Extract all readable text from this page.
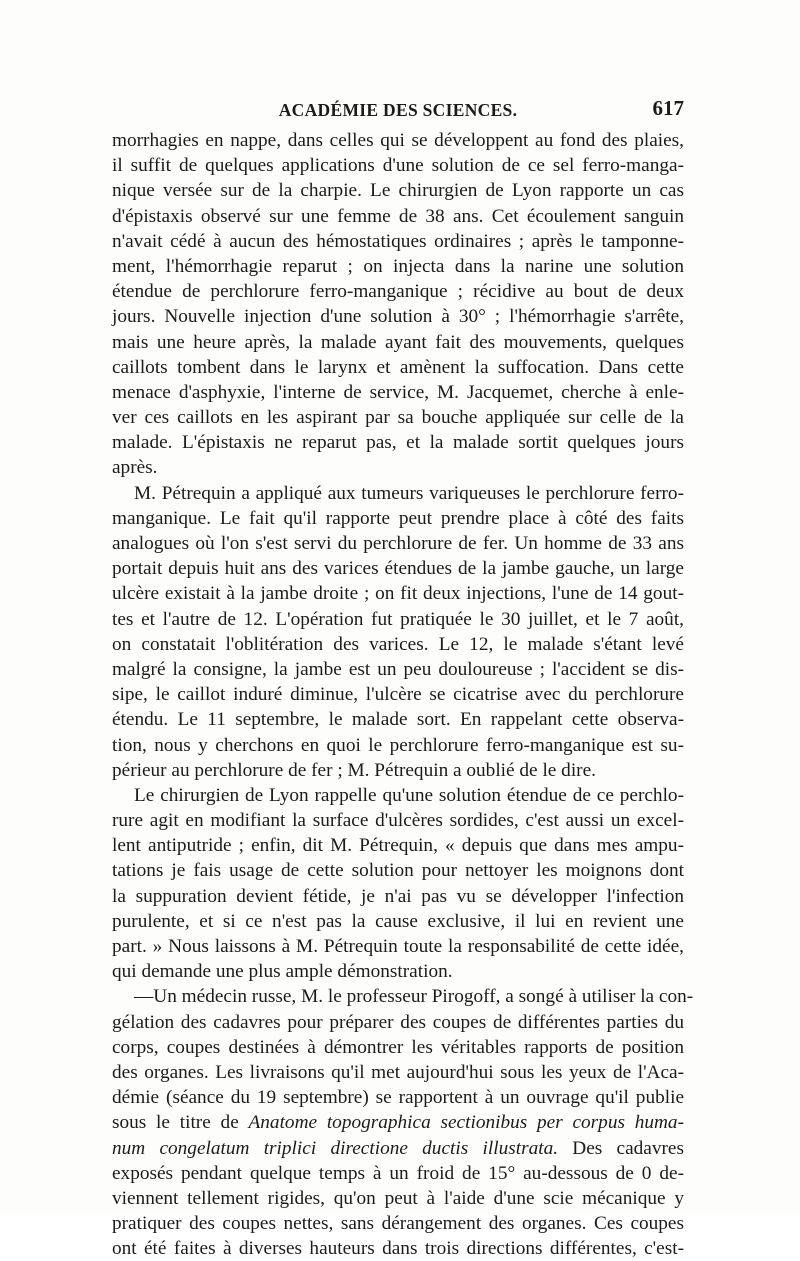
ACADÉMIE DES SCIENCES.	617
morrhagies en nappe, dans celles qui se développent au fond des plaies,
il suffit de quelques applications d'une solution de ce sel ferro-manga-
nique versée sur de la charpie. Le chirurgien de Lyon rapporte un cas
d'épistaxis observé sur une femme de 38 ans. Cet écoulement sanguin
n'avait cédé à aucun des hémostatiques ordinaires ; après le tamponne-
ment, l'hémorrhagie reparut ; on injecta dans la narine une solution
étendue de perchlorure ferro-manganique ; récidive au bout de deux
jours. Nouvelle injection d'une solution à 30° ; l'hémorrhagie s'arrête,
mais une heure après, la malade ayant fait des mouvements, quelques
caillots tombent dans le larynx et amènent la suffocation. Dans cette
menace d'asphyxie, l'interne de service, M. Jacquemet, cherche à enle-
ver ces caillots en les aspirant par sa bouche appliquée sur celle de la
malade. L'épistaxis ne reparut pas, et la malade sortit quelques jours
après.
M. Pétrequin a appliqué aux tumeurs variqueuses le perchlorure ferro-
manganique. Le fait qu'il rapporte peut prendre place à côté des faits
analogues où l'on s'est servi du perchlorure de fer. Un homme de 33 ans
portait depuis huit ans des varices étendues de la jambe gauche, un large
ulcère existait à la jambe droite ; on fit deux injections, l'une de 14 gout-
tes et l'autre de 12. L'opération fut pratiquée le 30 juillet, et le 7 août,
on constatait l'oblitération des varices. Le 12, le malade s'étant levé
malgré la consigne, la jambe est un peu douloureuse ; l'accident se dis-
sipe, le caillot induré diminue, l'ulcère se cicatrise avec du perchlorure
étendu. Le 11 septembre, le malade sort. En rappelant cette observa-
tion, nous y cherchons en quoi le perchlorure ferro-manganique est su-
périeur au perchlorure de fer ; M. Pétrequin a oublié de le dire.
Le chirurgien de Lyon rappelle qu'une solution étendue de ce perchlo-
rure agit en modifiant la surface d'ulcères sordides, c'est aussi un excel-
lent antiputride ; enfin, dit M. Pétrequin, « depuis que dans mes ampu-
tations je fais usage de cette solution pour nettoyer les moignons dont
la suppuration devient fétide, je n'ai pas vu se développer l'infection
purulente, et si ce n'est pas la cause exclusive, il lui en revient une
part. » Nous laissons à M. Pétrequin toute la responsabilité de cette idée,
qui demande une plus ample démonstration.
—Un médecin russe, M. le professeur Pirogoff, a songé à utiliser la con-
gélation des cadavres pour préparer des coupes de différentes parties du
corps, coupes destinées à démontrer les véritables rapports de position
des organes. Les livraisons qu'il met aujourd'hui sous les yeux de l'Aca-
démie (séance du 19 septembre) se rapportent à un ouvrage qu'il publie
sous le titre de Anatome topographica sectionibus per corpus huma-
num congelatum triplici directione ductis illustrata. Des cadavres
exposés pendant quelque temps à un froid de 15° au-dessous de 0 de-
viennent tellement rigides, qu'on peut à l'aide d'une scie mécanique y
pratiquer des coupes nettes, sans dérangement des organes. Ces coupes
ont été faites à diverses hauteurs dans trois directions différentes, c'est-
